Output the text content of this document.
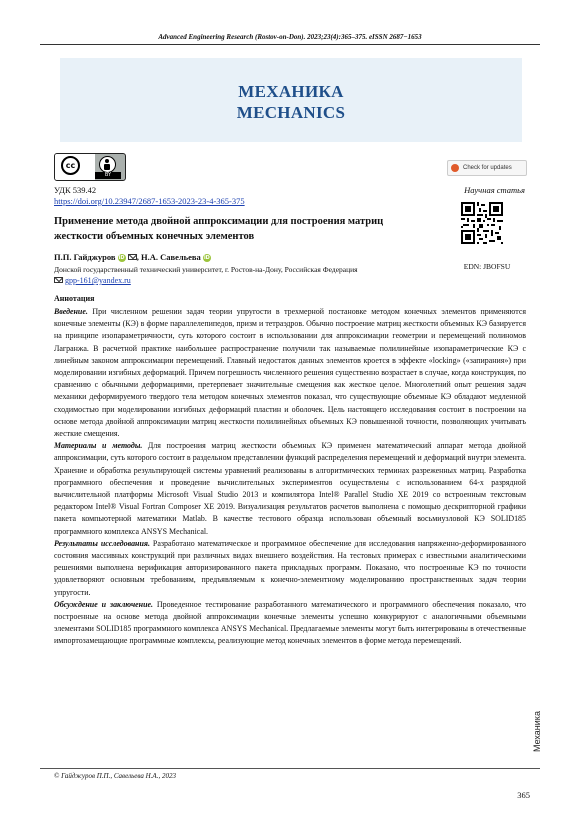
Advanced Engineering Research (Rostov-on-Don). 2023;23(4):365–375. eISSN 2687−1653
МЕХАНИКА
MECHANICS
cc
BY
Check for updates
УДК 539.42
https://doi.org/10.23947/2687-1653-2023-23-4-365-375
Научная статья
EDN: JBOFSU
Применение метода двойной аппроксимации для построения матриц жесткости объемных конечных элементов
П.П. Гайджуров iD , Н.А. Савельева iD
Донской государственный технический университет, г. Ростов-на-Дону, Российская Федерация
gpp-161@yandex.ru
Аннотация

Введение. При численном решении задач теории упругости в трехмерной постановке методом конечных элементов применяются конечные элементы (КЭ) в форме параллелепипедов, призм и тетраэдров. Обычно построение матриц жесткости объемных КЭ базируется на принципе изопараметричности, суть которого состоит в использовании для аппроксимации геометрии и перемещений полиномов Лагранжа. В расчетной практике наибольшее распространение получили так называемые полилинейные изопараметрические КЭ с линейным законом аппроксимации перемещений. Главный недостаток данных элементов кроется в эффекте «locking» («запирания») при моделировании изгибных деформаций. Причем погрешность численного решения существенно возрастает в случае, когда конструкция, по сравнению с обычными деформациями, претерпевает значительные смещения как жесткое целое. Многолетний опыт решения задач механики деформируемого твердого тела методом конечных элементов показал, что существующие объемные КЭ обладают медленной сходимостью при моделировании изгибных деформаций пластин и оболочек. Цель настоящего исследования состоит в построении на основе метода двойной аппроксимации матриц жесткости полилинейных объемных КЭ повышенной точности, позволяющих учитывать жесткие смещения.

Материалы и методы. Для построения матриц жесткости объемных КЭ применен математический аппарат метода двойной аппроксимации, суть которого состоит в раздельном представлении функций распределения перемещений и деформаций внутри элемента. Хранение и обработка результирующей системы уравнений реализованы в алгоритмических терминах разреженных матриц. Разработка программного обеспечения и проведение вычислительных экспериментов осуществлены с использованием 64-х разрядной вычислительной платформы Microsoft Visual Studio 2013 и компилятора Intel® Parallel Studio XE 2019 со встроенным текстовым редактором Intel® Visual Fortran Composer XE 2019. Визуализация результатов расчетов выполнена с помощью дескрипторной графики пакета компьютерной математики Matlab. В качестве тестового образца использован объемный восьмиузловой КЭ SOLID185 программного комплекса ANSYS Mechanical.

Результаты исследования. Разработано математическое и программное обеспечение для исследования напряженно-деформированного состояния массивных конструкций при различных видах внешнего воздействия. На тестовых примерах с известными аналитическими решениями выполнена верификация авторизированного пакета прикладных программ. Показано, что построенные КЭ по точности удовлетворяют основным требованиям, предъявляемым к конечно-элементному моделированию пространственных задач теории упругости.

Обсуждение и заключение. Проведенное тестирование разработанного математического и программного обеспечения показало, что построенные на основе метода двойной аппроксимации конечные элементы успешно конкурируют с аналогичными объемными элементами SOLID185 программного комплекса ANSYS Mechanical. Предлагаемые элементы могут быть интегрированы в отечественные импортозамещающие программные комплексы, реализующие метод конечных элементов в форме метода перемещений.

Механика
© Гайджуров П.П., Савельева Н.А., 2023
365
